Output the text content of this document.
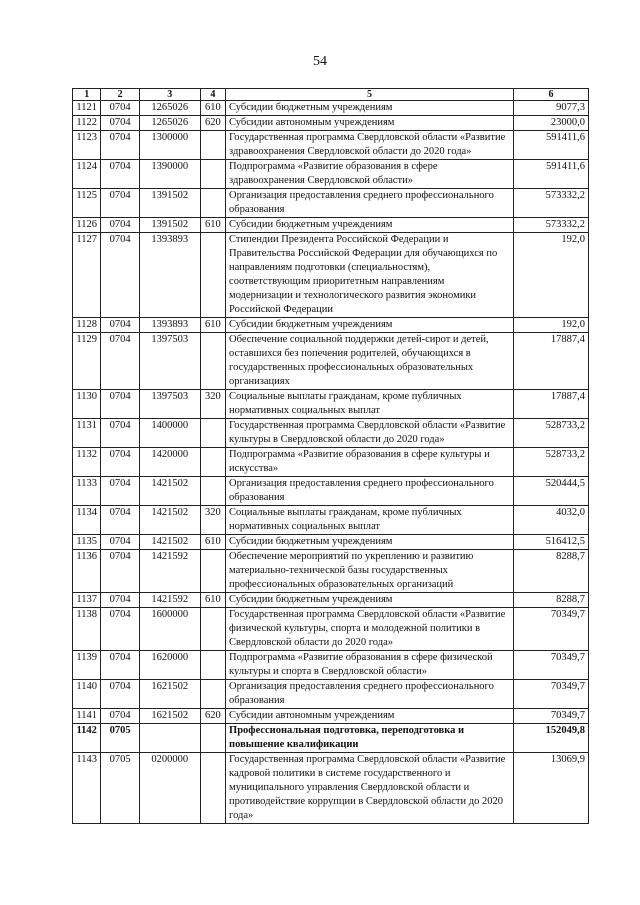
54
1	2	3	4	5	6
1121	0704	1265026	610	Субсидии бюджетным учреждениям	9077,3
1122	0704	1265026	620	Субсидии автономным учреждениям	23000,0
1123	0704	1300000		Государственная программа Свердловской области «Развитие здравоохранения Свердловской области до 2020 года»	591411,6
1124	0704	1390000		Подпрограмма «Развитие образования в сфере здравоохранения Свердловской области»	591411,6
1125	0704	1391502		Организация предоставления среднего профессионального образования	573332,2
1126	0704	1391502	610	Субсидии бюджетным учреждениям	573332,2
1127	0704	1393893		Стипендии Президента Российской Федерации и Правительства Российской Федерации для обучающихся по направлениям подготовки (специальностям), соответствующим приоритетным направлениям модернизации и технологического развития экономики Российской Федерации	192,0
1128	0704	1393893	610	Субсидии бюджетным учреждениям	192,0
1129	0704	1397503		Обеспечение социальной поддержки детей-сирот и детей, оставшихся без попечения родителей, обучающихся в государственных профессиональных образовательных организациях	17887,4
1130	0704	1397503	320	Социальные выплаты гражданам, кроме публичных нормативных социальных выплат	17887,4
1131	0704	1400000		Государственная программа Свердловской области «Развитие культуры в Свердловской области до 2020 года»	528733,2
1132	0704	1420000		Подпрограмма «Развитие образования в сфере культуры и искусства»	528733,2
1133	0704	1421502		Организация предоставления среднего профессионального образования	520444,5
1134	0704	1421502	320	Социальные выплаты гражданам, кроме публичных нормативных социальных выплат	4032,0
1135	0704	1421502	610	Субсидии бюджетным учреждениям	516412,5
1136	0704	1421592		Обеспечение мероприятий по укреплению и развитию материально-технической базы государственных профессиональных образовательных организаций	8288,7
1137	0704	1421592	610	Субсидии бюджетным учреждениям	8288,7
1138	0704	1600000		Государственная программа Свердловской области «Развитие физической культуры, спорта и молодежной политики в Свердловской области до 2020 года»	70349,7
1139	0704	1620000		Подпрограмма «Развитие образования в сфере физической культуры и спорта в Свердловской области»	70349,7
1140	0704	1621502		Организация предоставления среднего профессионального образования	70349,7
1141	0704	1621502	620	Субсидии автономным учреждениям	70349,7
1142	0705			Профессиональная подготовка, переподготовка и повышение квалификации	152049,8
1143	0705	0200000		Государственная программа Свердловской области «Развитие кадровой политики в системе государственного и муниципального управления Свердловской области и противодействие коррупции в Свердловской области до 2020 года»	13069,9
